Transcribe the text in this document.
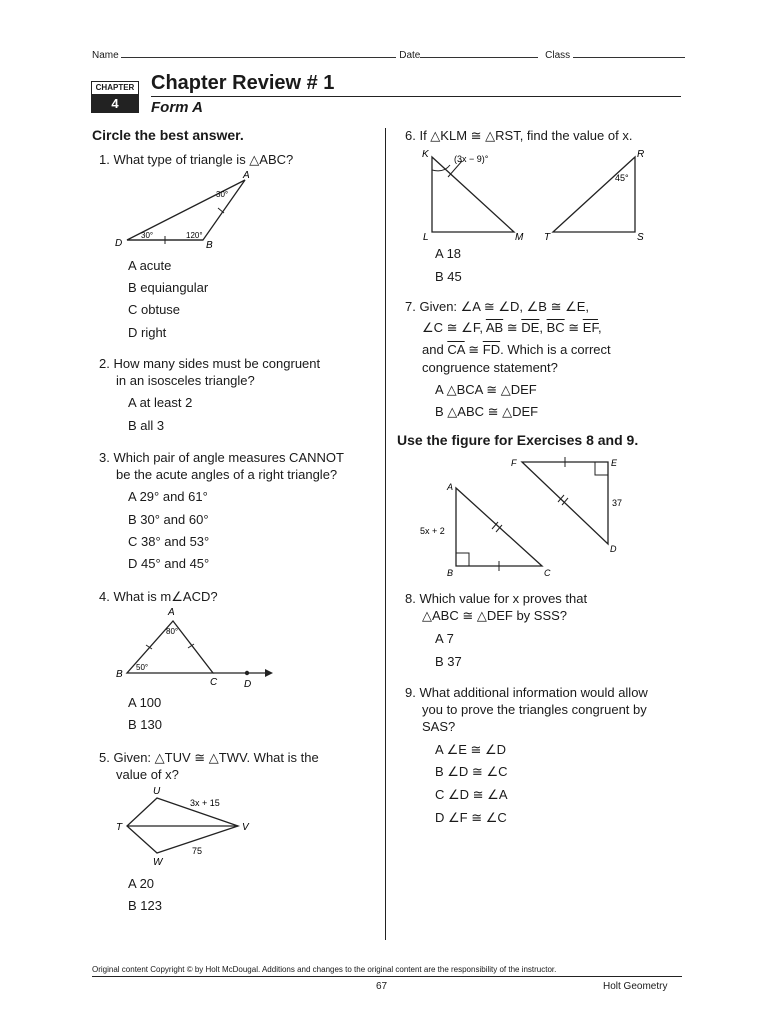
Name	Date	Class
CHAPTER
4
Chapter Review # 1
Form A
Circle the best answer.
1. What type of triangle is △ABC?
A
B
D
30°
30°	120°
A acute
B equiangular
C obtuse
D right
2. How many sides must be congruent
in an isosceles triangle?
A at least 2
B all 3
3. Which pair of angle measures CANNOT
be the acute angles of a right triangle?
A 29° and 61°
B 30° and 60°
C 38° and 53°
D 45° and 45°
4. What is m∠ACD?
A
B
C	D
80°
50°
A 100
B 130
5. Given: △TUV ≅ △TWV. What is the
value of x?
U
T	V
W
3x + 15
75
A 20
B 123
6. If △KLM ≅ △RST, find the value of x.
K
L	M
R
S
T
(3x − 9)°
45°
A 18
B 45
7. Given: ∠A ≅ ∠D, ∠B ≅ ∠E,
∠C ≅ ∠F, $\overline{AB}$ ≅ $\overline{DE}$, $\overline{BC}$ ≅ $\overline{EF}$,
and $\overline{CA}$ ≅ $\overline{FD}$. Which is a correct
congruence statement?
A △BCA ≅ △DEF
B △ABC ≅ △DEF
Use the figure for Exercises 8 and 9.
F	E
D
A
B	C
5x + 2
37
8. Which value for x proves that
△ABC ≅ △DEF by SSS?
A 7
B 37
9. What additional information would allow
you to prove the triangles congruent by
SAS?
A ∠E ≅ ∠D
B ∠D ≅ ∠C
C ∠D ≅ ∠A
D ∠F ≅ ∠C
Original content Copyright © by Holt McDougal. Additions and changes to the original content are the responsibility of the instructor.
67	Holt Geometry
